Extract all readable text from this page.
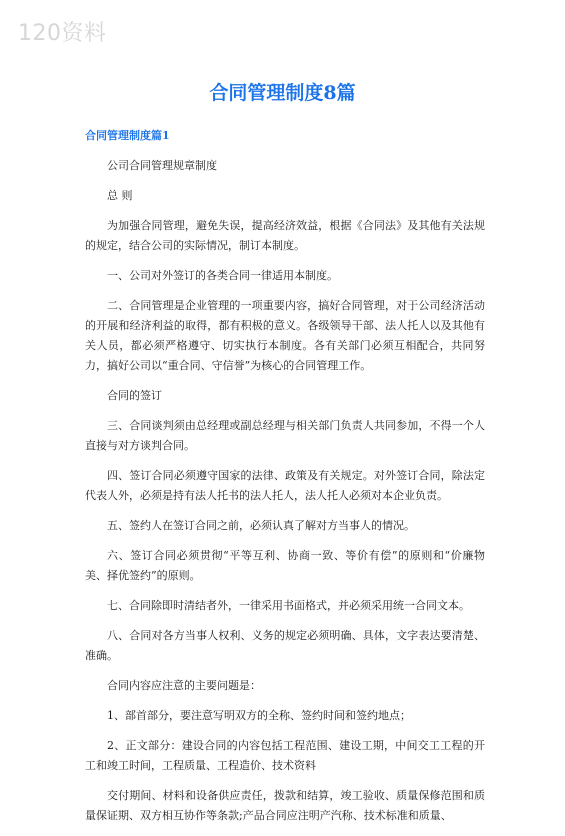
120资料
合同管理制度8篇
合同管理制度篇1
公司合同管理规章制度
总 则
为加强合同管理，避免失误，提高经济效益，根据《合同法》及其他有关法规的规定，结合公司的实际情况，制订本制度。
一、公司对外签订的各类合同一律适用本制度。
二、合同管理是企业管理的一项重要内容，搞好合同管理，对于公司经济活动的开展和经济利益的取得，都有积极的意义。各级领导干部、法人托人以及其他有关人员，都必须严格遵守、切实执行本制度。各有关部门必须互相配合，共同努力，搞好公司以“重合同、守信誉”为核心的合同管理工作。
合同的签订
三、合同谈判须由总经理或副总经理与相关部门负责人共同参加，不得一个人直接与对方谈判合同。
四、签订合同必须遵守国家的法律、政策及有关规定。对外签订合同，除法定代表人外，必须是持有法人托书的法人托人，法人托人必须对本企业负责。
五、签约人在签订合同之前，必须认真了解对方当事人的情况。
六、签订合同必须贯彻“平等互利、协商一致、等价有偿”的原则和“价廉物美、择优签约”的原则。
七、合同除即时清结者外，一律采用书面格式，并必须采用统一合同文本。
八、合同对各方当事人权利、义务的规定必须明确、具体，文字表达要清楚、准确。
合同内容应注意的主要问题是：
1、部首部分，要注意写明双方的全称、签约时间和签约地点；
2、正文部分：建设合同的内容包括工程范围、建设工期，中间交工工程的开工和竣工时间，工程质量、工程造价、技术资料
交付期间、材料和设备供应责任，拨款和结算，竣工验收、质量保修范围和质量保证期、双方相互协作等条款;产品合同应注明产汽称、技术标准和质量、
